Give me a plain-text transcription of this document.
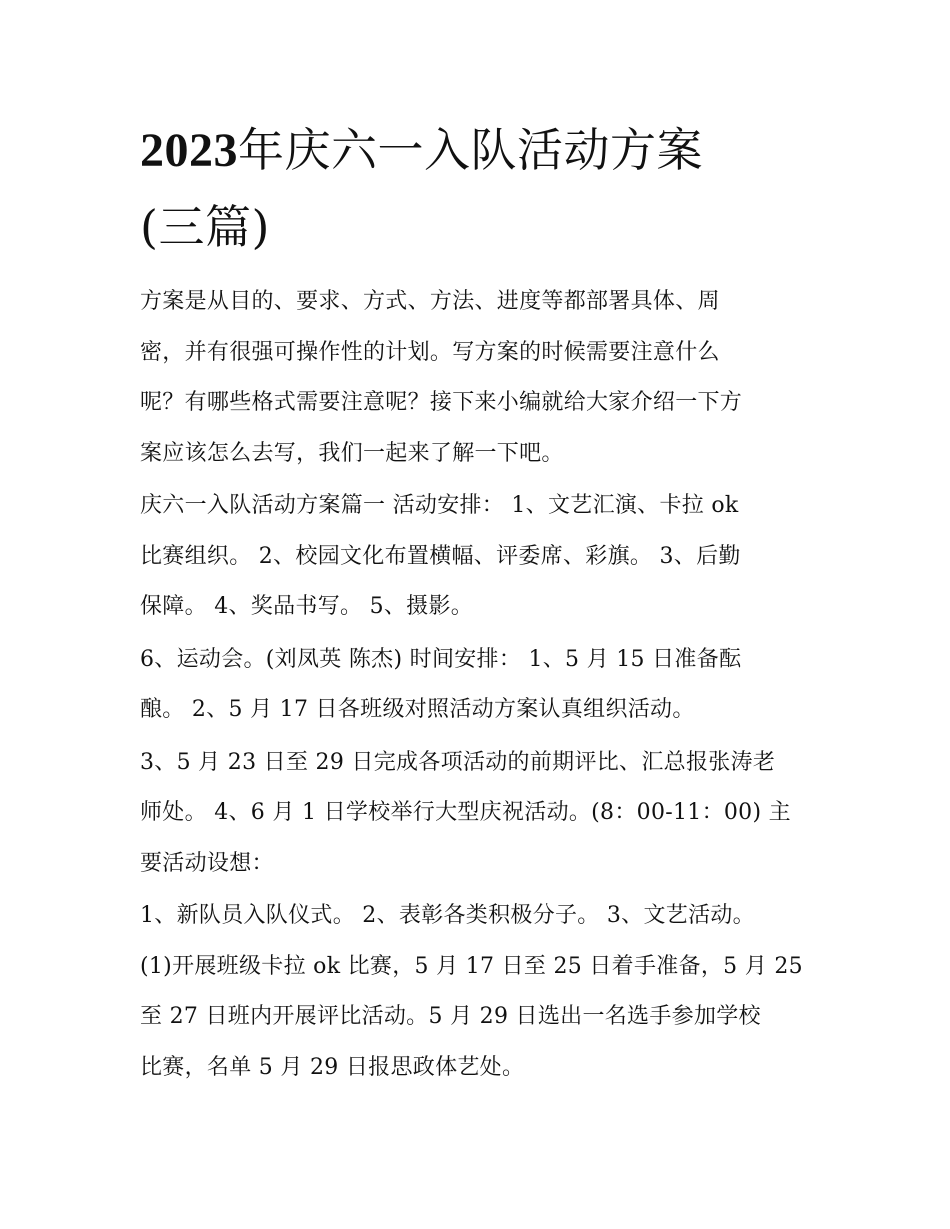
2023年庆六一入队活动方案
(三篇)

方案是从目的、要求、方式、方法、进度等都部署具体、周
密，并有很强可操作性的计划。写方案的时候需要注意什么
呢？有哪些格式需要注意呢？接下来小编就给大家介绍一下方
案应该怎么去写，我们一起来了解一下吧。

庆六一入队活动方案篇一 活动安排： 1、文艺汇演、卡拉 ok
比赛组织。 2、校园文化布置横幅、评委席、彩旗。 3、后勤
保障。 4、奖品书写。 5、摄影。

6、运动会。(刘凤英 陈杰) 时间安排： 1、5 月 15 日准备酝
酿。 2、5 月 17 日各班级对照活动方案认真组织活动。

3、5 月 23 日至 29 日完成各项活动的前期评比、汇总报张涛老
师处。 4、6 月 1 日学校举行大型庆祝活动。(8：00-11：00) 主
要活动设想：

1、新队员入队仪式。 2、表彰各类积极分子。 3、文艺活动。
(1)开展班级卡拉 ok 比赛，5 月 17 日至 25 日着手准备，5 月 25
至 27 日班内开展评比活动。5 月 29 日选出一名选手参加学校
比赛，名单 5 月 29 日报思政体艺处。
